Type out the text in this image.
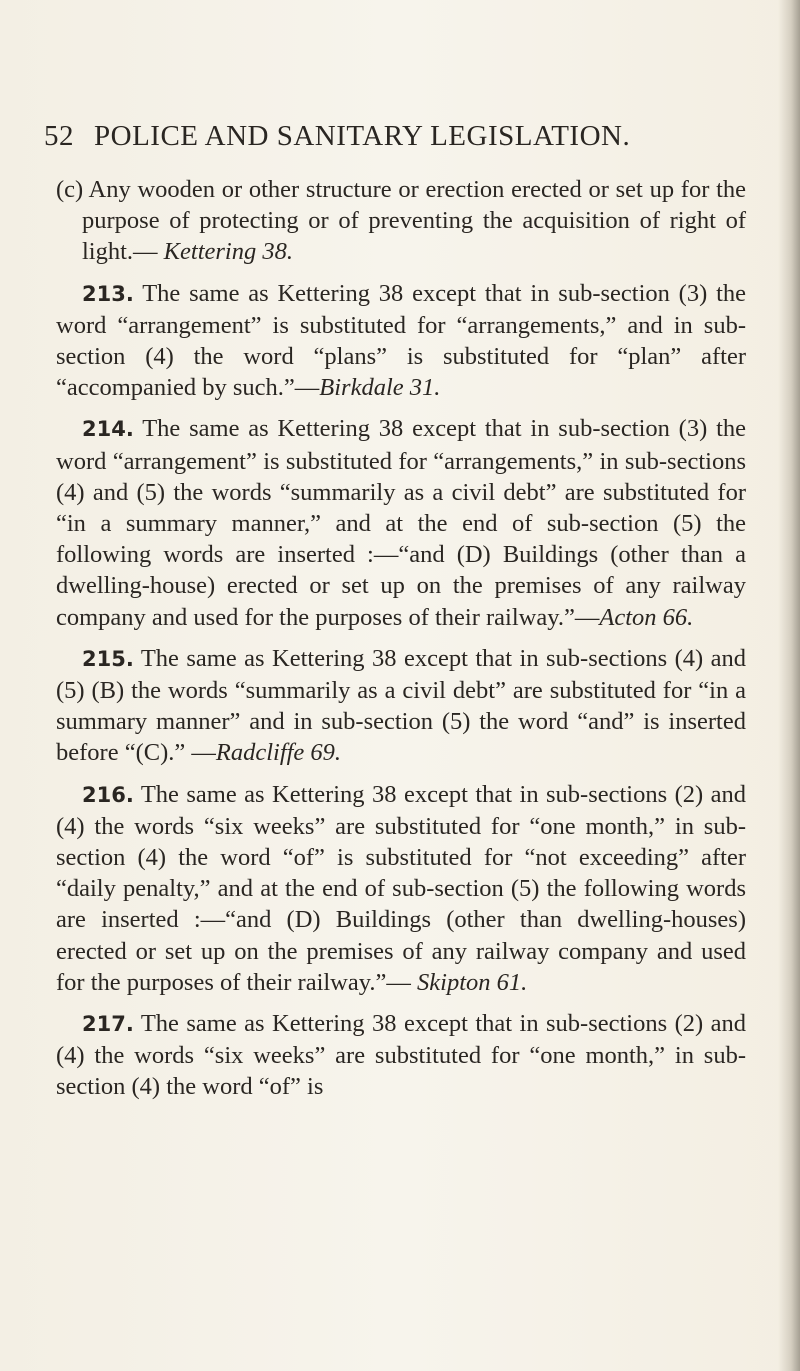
52 POLICE AND SANITARY LEGISLATION.

(c) Any wooden or other structure or erection erected or set up for the purpose of protecting or of preventing the acquisition of right of light.— Kettering 38.

213. The same as Kettering 38 except that in sub-section (3) the word “arrangement” is substituted for “arrangements,” and in sub-section (4) the word “plans” is substituted for “plan” after “accompanied by such.”—Birkdale 31.

214. The same as Kettering 38 except that in sub-section (3) the word “arrangement” is substituted for “arrangements,” in sub-sections (4) and (5) the words “summarily as a civil debt” are substituted for “in a summary manner,” and at the end of sub-section (5) the following words are inserted :—“and (D) Buildings (other than a dwelling-house) erected or set up on the premises of any railway company and used for the purposes of their railway.”—Acton 66.

215. The same as Kettering 38 except that in sub-sections (4) and (5) (B) the words “summarily as a civil debt” are substituted for “in a summary manner” and in sub-section (5) the word “and” is inserted before “(C).” —Radcliffe 69.

216. The same as Kettering 38 except that in sub-sections (2) and (4) the words “six weeks” are substituted for “one month,” in sub-section (4) the word “of” is substituted for “not exceeding” after “daily penalty,” and at the end of sub-section (5) the following words are inserted :—“and (D) Buildings (other than dwelling-houses) erected or set up on the premises of any railway company and used for the purposes of their railway.”— Skipton 61.

217. The same as Kettering 38 except that in sub-sections (2) and (4) the words “six weeks” are substituted for “one month,” in sub-section (4) the word “of” is
